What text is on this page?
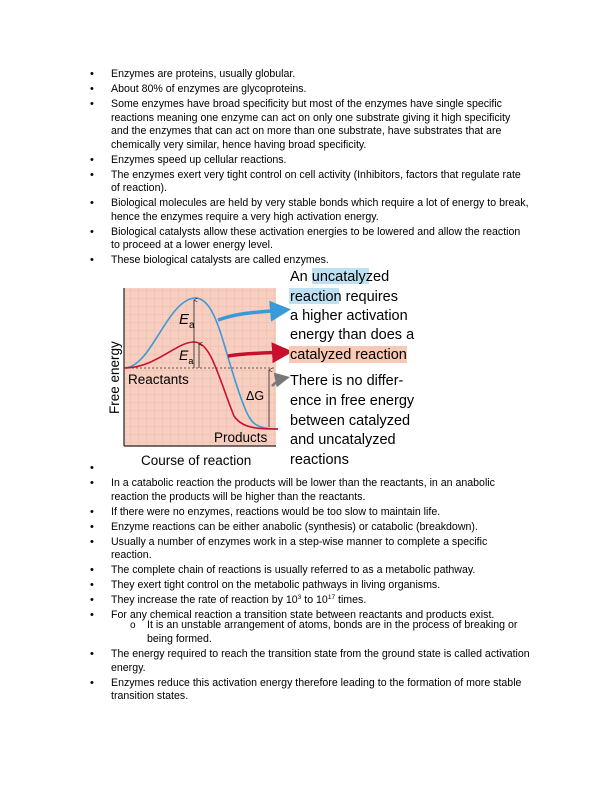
• Enzymes are proteins, usually globular.
• About 80% of enzymes are glycoproteins.
• Some enzymes have broad specificity but most of the enzymes have single specific reactions meaning one enzyme can act on only one substrate giving it high specificity and the enzymes that can act on more than one substrate, have substrates that are chemically very similar, hence having broad specificity.
• Enzymes speed up cellular reactions.
• The enzymes exert very tight control on cell activity (Inhibitors, factors that regulate rate of reaction).
• Biological molecules are held by very stable bonds which require a lot of energy to break, hence the enzymes require a very high activation energy.
• Biological catalysts allow these activation energies to be lowered and allow the reaction to proceed at a lower energy level.
• These biological catalysts are called enzymes.
$E_a$
$E_a$
Reactants
ΔG
Products
Free energy
Course of reaction
An uncatalyzed
reaction requires
a higher activation
energy than does a
catalyzed reaction
There is no differ-
ence in free energy
between catalyzed
and uncatalyzed
reactions
•
• In a catabolic reaction the products will be lower than the reactants, in an anabolic reaction the products will be higher than the reactants.
• If there were no enzymes, reactions would be too slow to maintain life.
• Enzyme reactions can be either anabolic (synthesis) or catabolic (breakdown).
• Usually a number of enzymes work in a step-wise manner to complete a specific reaction.
• The complete chain of reactions is usually referred to as a metabolic pathway.
• They exert tight control on the metabolic pathways in living organisms.
• They increase the rate of reaction by $10^3$ to $10^{17}$ times.
• For any chemical reaction a transition state between reactants and products exist.
o It is an unstable arrangement of atoms, bonds are in the process of breaking or being formed.
• The energy required to reach the transition state from the ground state is called activation energy.
• Enzymes reduce this activation energy therefore leading to the formation of more stable transition states.
